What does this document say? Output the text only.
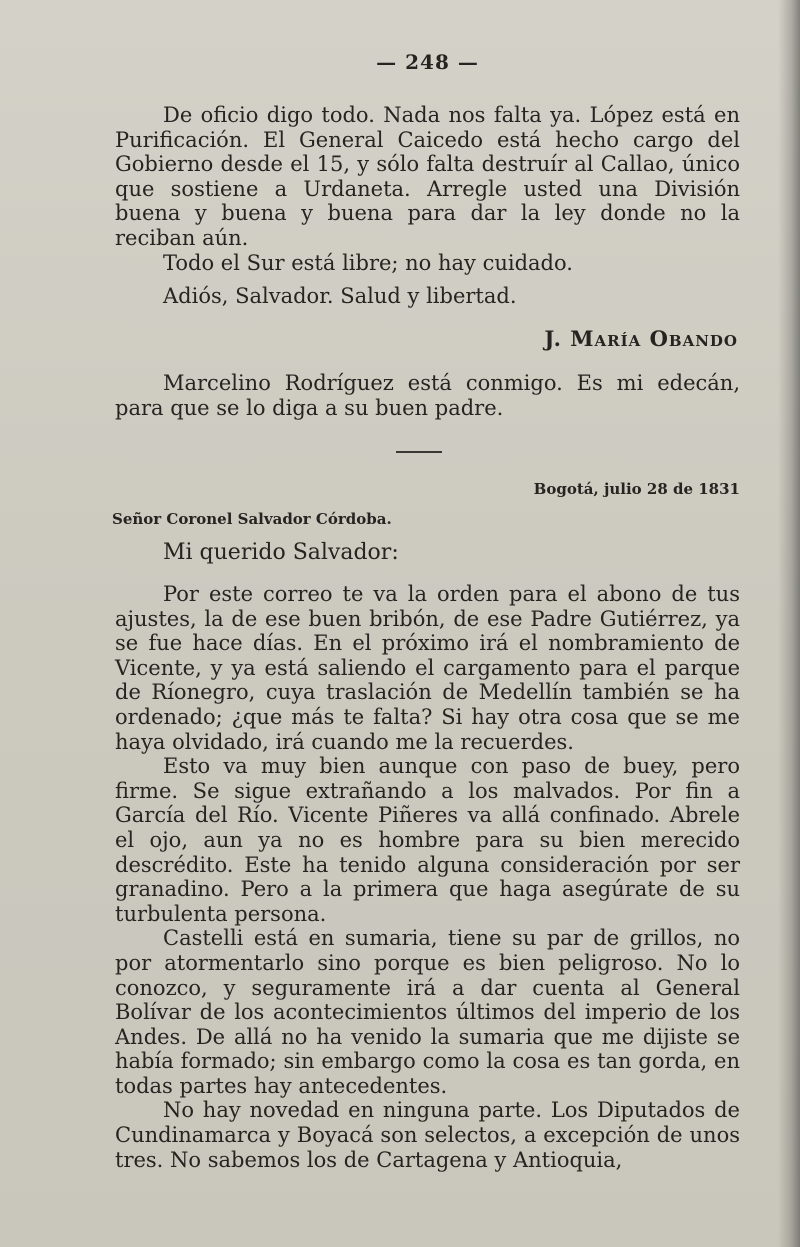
— 248 —

De oficio digo todo. Nada nos falta ya. López está en Purificación. El General Caicedo está hecho cargo del Gobierno desde el 15, y sólo falta destruír al Callao, único que sostiene a Urdaneta. Arregle usted una División buena y buena y buena para dar la ley donde no la reciban aún.

Todo el Sur está libre; no hay cuidado.

Adiós, Salvador. Salud y libertad.
J. María Obando

Marcelino Rodríguez está conmigo. Es mi edecán, para que se lo diga a su buen padre.

Bogotá, julio 28 de 1831
Señor Coronel Salvador Córdoba.
Mi querido Salvador:

Por este correo te va la orden para el abono de tus ajustes, la de ese buen bribón, de ese Padre Gutiérrez, ya se fue hace días. En el próximo irá el nombramiento de Vicente, y ya está saliendo el cargamento para el parque de Ríonegro, cuya traslación de Medellín también se ha ordenado; ¿que más te falta? Si hay otra cosa que se me haya olvidado, irá cuando me la recuerdes.

Esto va muy bien aunque con paso de buey, pero firme. Se sigue extrañando a los malvados. Por fin a García del Río. Vicente Piñeres va allá confinado. Abrele el ojo, aun ya no es hombre para su bien merecido descrédito. Este ha tenido alguna consideración por ser granadino. Pero a la primera que haga asegúrate de su turbulenta persona.

Castelli está en sumaria, tiene su par de grillos, no por atormentarlo sino porque es bien peligroso. No lo conozco, y seguramente irá a dar cuenta al General Bolívar de los acontecimientos últimos del imperio de los Andes. De allá no ha venido la sumaria que me dijiste se había formado; sin embargo como la cosa es tan gorda, en todas partes hay antecedentes.

No hay novedad en ninguna parte. Los Diputados de Cundinamarca y Boyacá son selectos, a excepción de unos tres. No sabemos los de Cartagena y Antioquia,
